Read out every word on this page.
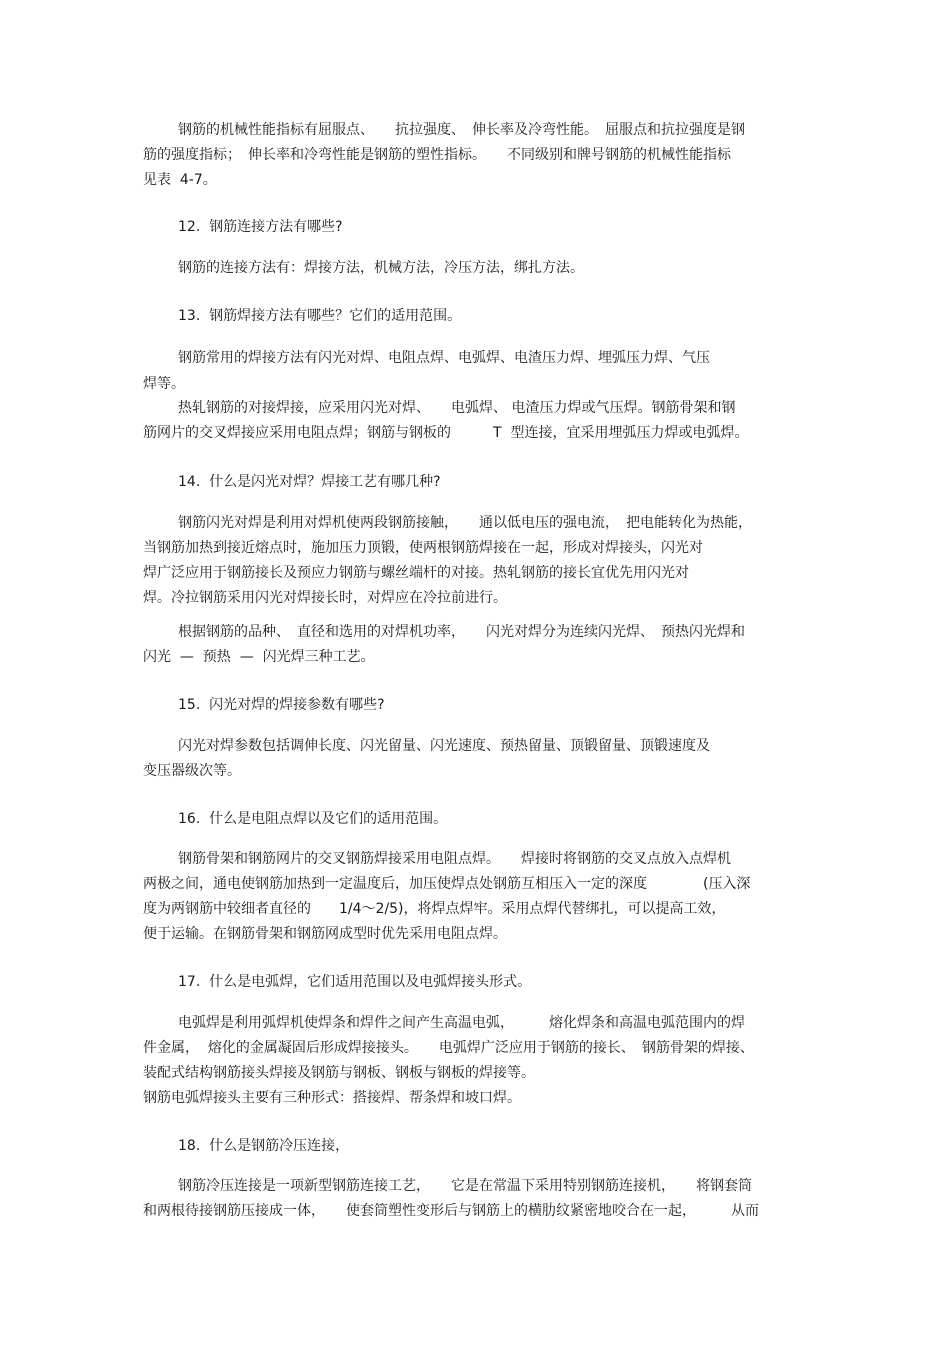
钢筋的机械性能指标有屈服点、　　抗拉强度、　伸长率及冷弯性能。　屈服点和抗拉强度是钢
筋的强度指标；　伸长率和冷弯性能是钢筋的塑性指标。　　不同级别和牌号钢筋的机械性能指标
见表  4-7。
12.  钢筋连接方法有哪些?
钢筋的连接方法有：焊接方法，机械方法，冷压方法，绑扎方法。
13.  钢筋焊接方法有哪些？它们的适用范围。
钢筋常用的焊接方法有闪光对焊、电阻点焊、电弧焊、电渣压力焊、埋弧压力焊、气压
焊等。
热轧钢筋的对接焊接，应采用闪光对焊、　　电弧焊、 电渣压力焊或气压焊。钢筋骨架和钢
筋网片的交叉焊接应采用电阻点焊；钢筋与钢板的　　　T  型连接，宜采用埋弧压力焊或电弧焊。
14.  什么是闪光对焊？焊接工艺有哪几种?
钢筋闪光对焊是利用对焊机使两段钢筋接触，　　通以低电压的强电流，　把电能转化为热能，
当钢筋加热到接近熔点时，施加压力顶锻，使两根钢筋焊接在一起，形成对焊接头，闪光对
焊广泛应用于钢筋接长及预应力钢筋与螺丝端杆的对接。热轧钢筋的接长宜优先用闪光对
焊。冷拉钢筋采用闪光对焊接长时，对焊应在冷拉前进行。
根据钢筋的品种、　直径和选用的对焊机功率，　　闪光对焊分为连续闪光焊、　预热闪光焊和
闪光  —  预热  —  闪光焊三种工艺。
15.  闪光对焊的焊接参数有哪些?
闪光对焊参数包括调伸长度、闪光留量、闪光速度、预热留量、顶锻留量、顶锻速度及
变压器级次等。
16.  什么是电阻点焊以及它们的适用范围。
钢筋骨架和钢筋网片的交叉钢筋焊接采用电阻点焊。　　焊接时将钢筋的交叉点放入点焊机
两极之间，通电使钢筋加热到一定温度后，加压使焊点处钢筋互相压入一定的深度　　　　(压入深
度为两钢筋中较细者直径的　　1/4～2/5)，将焊点焊牢。采用点焊代替绑扎，可以提高工效，
便于运输。在钢筋骨架和钢筋网成型时优先采用电阻点焊。
17.  什么是电弧焊，它们适用范围以及电弧焊接头形式。
电弧焊是利用弧焊机使焊条和焊件之间产生高温电弧，　　　熔化焊条和高温电弧范围内的焊
件金属，  熔化的金属凝固后形成焊接接头。　　电弧焊广泛应用于钢筋的接长、　钢筋骨架的焊接、
装配式结构钢筋接头焊接及钢筋与钢板、钢板与钢板的焊接等。
钢筋电弧焊接头主要有三种形式：搭接焊、帮条焊和坡口焊。
18.  什么是钢筋冷压连接，
钢筋冷压连接是一项新型钢筋连接工艺，　　它是在常温下采用特别钢筋连接机，　　将钢套筒
和两根待接钢筋压接成一体，　　使套筒塑性变形后与钢筋上的横肋纹紧密地咬合在一起，　　　从而
